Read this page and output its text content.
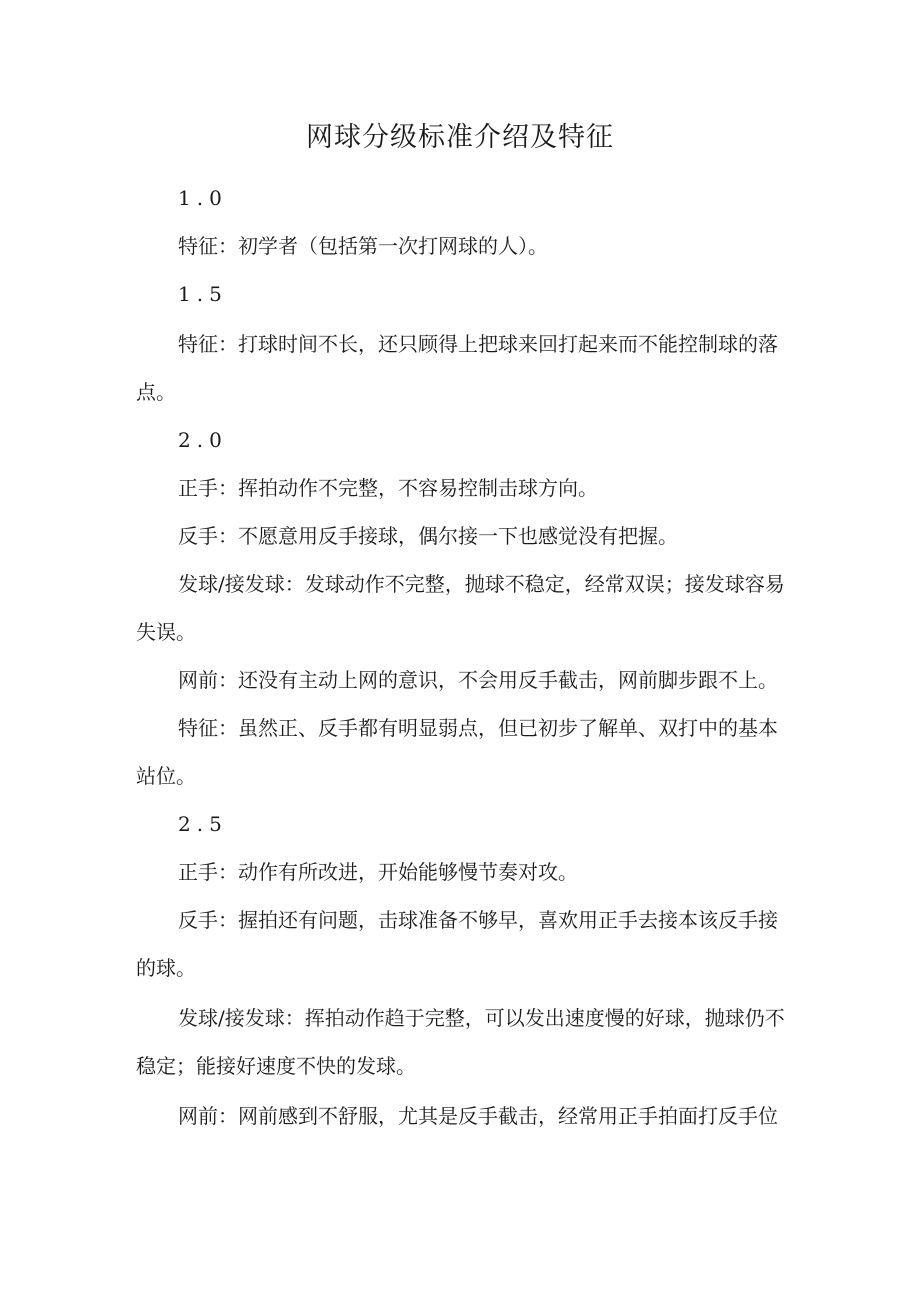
网球分级标准介绍及特征

1.0

特征：初学者（包括第一次打网球的人）。

1.5

特征：打球时间不长，还只顾得上把球来回打起来而不能控制球的落点。

2.0

正手：挥拍动作不完整，不容易控制击球方向。

反手：不愿意用反手接球，偶尔接一下也感觉没有把握。

发球/接发球：发球动作不完整，抛球不稳定，经常双误；接发球容易失误。

网前：还没有主动上网的意识，不会用反手截击，网前脚步跟不上。

特征：虽然正、反手都有明显弱点，但已初步了解单、双打中的基本站位。

2.5

正手：动作有所改进，开始能够慢节奏对攻。

反手：握拍还有问题，击球准备不够早，喜欢用正手去接本该反手接的球。

发球/接发球：挥拍动作趋于完整，可以发出速度慢的好球，抛球仍不稳定；能接好速度不快的发球。

网前：网前感到不舒服，尤其是反手截击，经常用正手拍面打反手位
